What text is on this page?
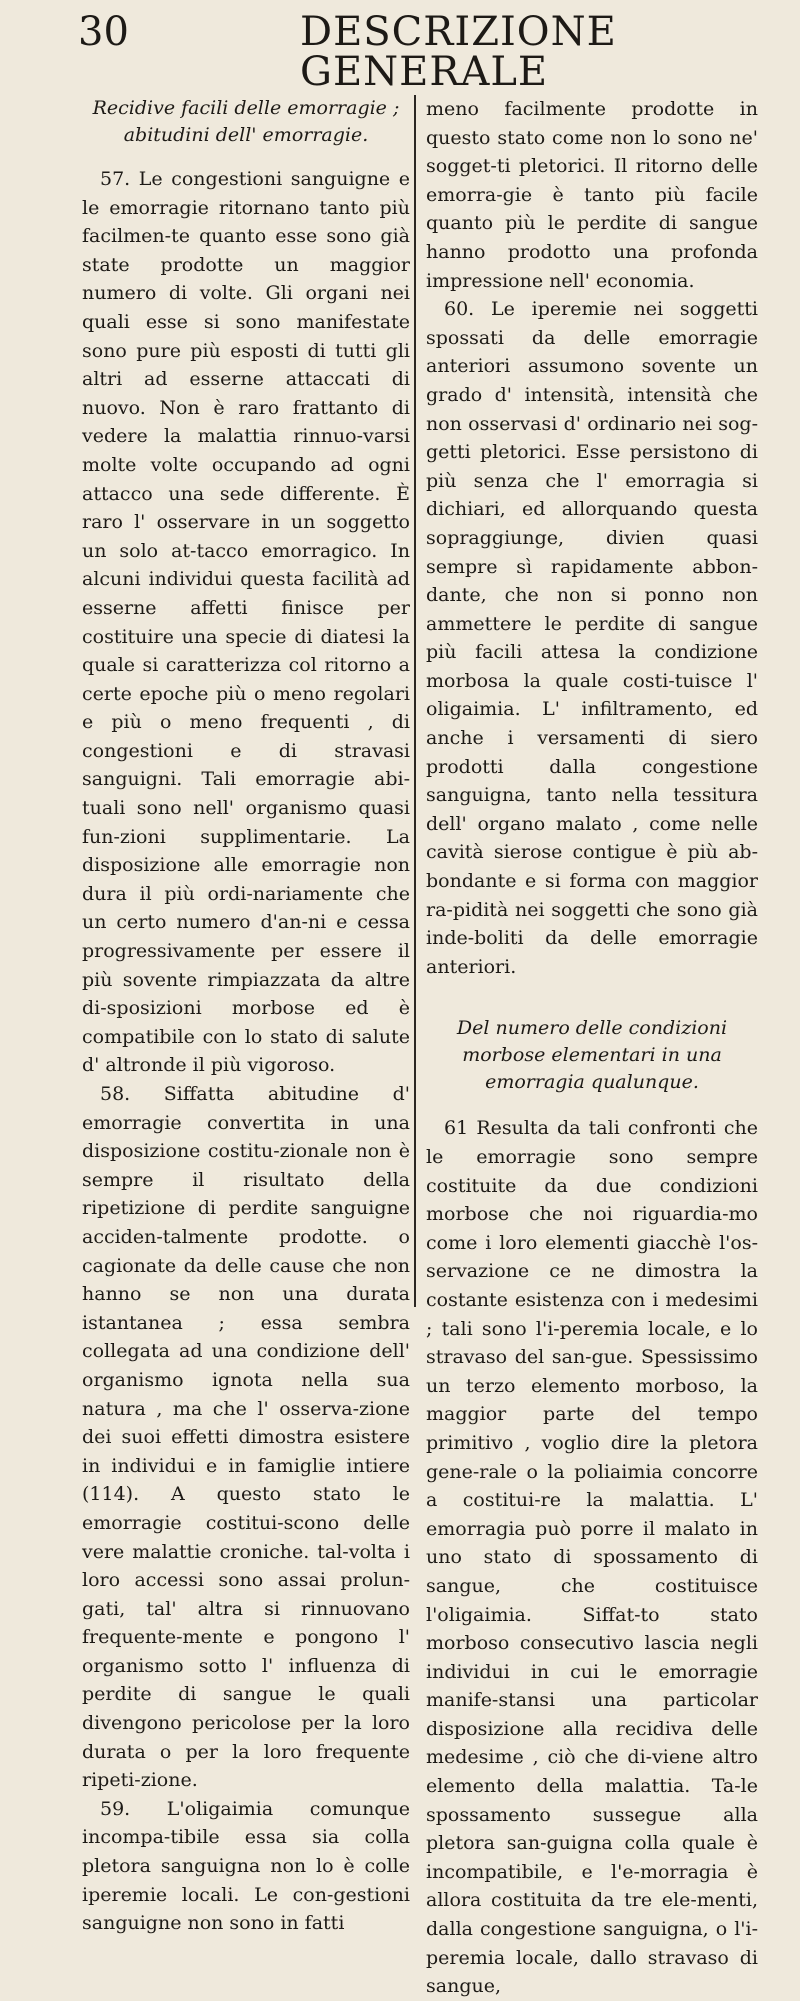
30	DESCRIZIONE GENERALE
Recidive facili delle emorragie ; abitudini dell' emorragie.

57. Le congestioni sanguigne e le emorragie ritornano tanto più facilmen-te quanto esse sono già state prodotte un maggior numero di volte. Gli organi nei quali esse si sono manifestate sono pure più esposti di tutti gli altri ad esserne attaccati di nuovo. Non è raro frattanto di vedere la malattia rinnuo-varsi molte volte occupando ad ogni attacco una sede differente. È raro l' osservare in un soggetto un solo at-tacco emorragico. In alcuni individui questa facilità ad esserne affetti finisce per costituire una specie di diatesi la quale si caratterizza col ritorno a certe epoche più o meno regolari e più o meno frequenti , di congestioni e di stravasi sanguigni. Tali emorragie abi-tuali sono nell' organismo quasi fun-zioni supplimentarie. La disposizione alle emorragie non dura il più ordi-nariamente che un certo numero d'an-ni e cessa progressivamente per essere il più sovente rimpiazzata da altre di-sposizioni morbose ed è compatibile con lo stato di salute d' altronde il più vigoroso.

58. Siffatta abitudine d' emorragie convertita in una disposizione costitu-zionale non è sempre il risultato della ripetizione di perdite sanguigne acciden-talmente prodotte. o cagionate da delle cause che non hanno se non una durata istantanea ; essa sembra collegata ad una condizione dell' organismo ignota nella sua natura , ma che l' osserva-zione dei suoi effetti dimostra esistere in individui e in famiglie intiere (114). A questo stato le emorragie costitui-scono delle vere malattie croniche. tal-volta i loro accessi sono assai prolun-gati, tal' altra si rinnuovano frequente-mente e pongono l' organismo sotto l' influenza di perdite di sangue le quali divengono pericolose per la loro durata o per la loro frequente ripeti-zione.

59. L'oligaimia comunque incompa-tibile essa sia colla pletora sanguigna non lo è colle iperemie locali. Le con-gestioni sanguigne non sono in fatti

meno facilmente prodotte in questo stato come non lo sono ne' sogget-ti pletorici. Il ritorno delle emorra-gie è tanto più facile quanto più le perdite di sangue hanno prodotto una profonda impressione nell' economia.

60. Le iperemie nei soggetti spossati da delle emorragie anteriori assumono sovente un grado d' intensità, intensità che non osservasi d' ordinario nei sog-getti pletorici. Esse persistono di più senza che l' emorragia si dichiari, ed allorquando questa sopraggiunge, divien quasi sempre sì rapidamente abbon-dante, che non si ponno non ammettere le perdite di sangue più facili attesa la condizione morbosa la quale costi-tuisce l' oligaimia. L' infiltramento, ed anche i versamenti di siero prodotti dalla congestione sanguigna, tanto nella tessitura dell' organo malato , come nelle cavità sierose contigue è più ab-bondante e si forma con maggior ra-pidità nei soggetti che sono già inde-boliti da delle emorragie anteriori.

Del numero delle condizioni morbose elementari in una emorragia qualunque.

61 Resulta da tali confronti che le emorragie sono sempre costituite da due condizioni morbose che noi riguardia-mo come i loro elementi giacchè l'os-servazione ce ne dimostra la costante esistenza con i medesimi ; tali sono l'i-peremia locale, e lo stravaso del san-gue. Spessissimo un terzo elemento morboso, la maggior parte del tempo primitivo , voglio dire la pletora gene-rale o la poliaimia concorre a costitui-re la malattia. L' emorragia può porre il malato in uno stato di spossamento di sangue, che costituisce l'oligaimia. Siffat-to stato morboso consecutivo lascia negli individui in cui le emorragie manife-stansi una particolar disposizione alla recidiva delle medesime , ciò che di-viene altro elemento della malattia. Ta-le spossamento sussegue alla pletora san-guigna colla quale è incompatibile, e l'e-morragia è allora costituita da tre ele-menti, dalla congestione sanguigna, o l'i-peremia locale, dallo stravaso di sangue,
